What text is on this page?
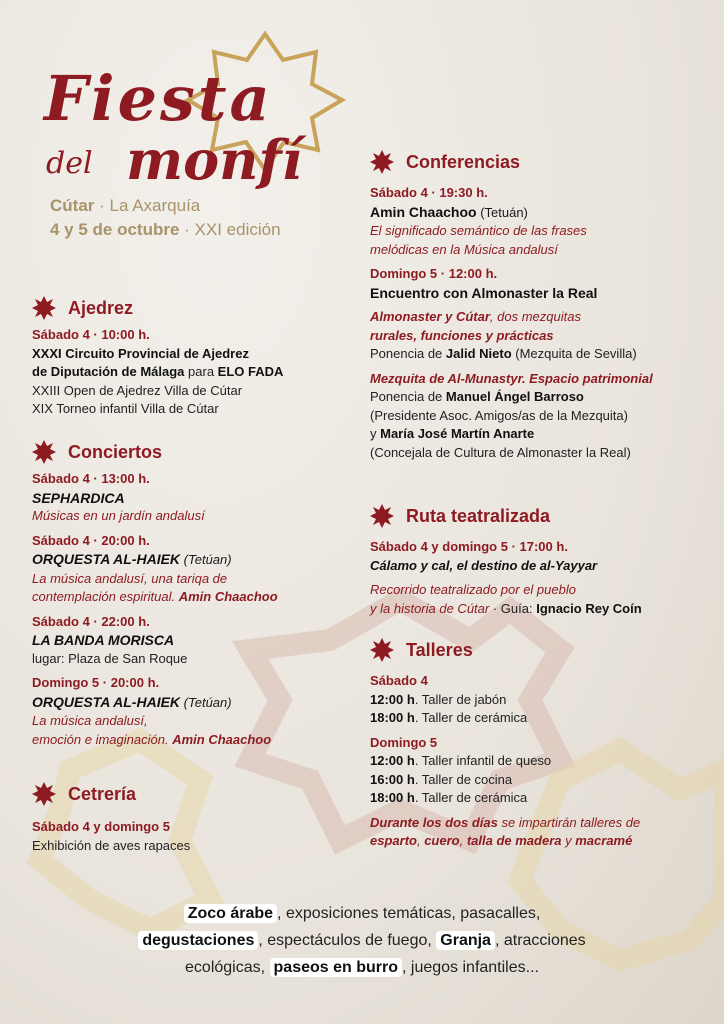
Fiesta
del monfí
Cútar · La Axarquía
4 y 5 de octubre · XXI edición
Ajedrez
Sábado 4 · 10:00 h.
XXXI Circuito Provincial de Ajedrez
de Diputación de Málaga para ELO FADA
XXIII Open de Ajedrez Villa de Cútar
XIX Torneo infantil Villa de Cútar
Conciertos
Sábado 4 · 13:00 h.
SEPHARDICA
Músicas en un jardín andalusí
Sábado 4 · 20:00 h.
ORQUESTA AL-HAIEK (Tetúan)
La música andalusí, una tariqa de
contemplación espiritual. Amin Chaachoo
Sábado 4 · 22:00 h.
LA BANDA MORISCA
lugar: Plaza de San Roque
Domingo 5 · 20:00 h.
ORQUESTA AL-HAIEK (Tetúan)
La música andalusí,
emoción e imaginación. Amin Chaachoo
Cetrería
Sábado 4 y domingo 5
Exhibición de aves rapaces
Conferencias
Sábado 4 · 19:30 h.
Amin Chaachoo (Tetuán)
El significado semántico de las frases
melódicas en la Música andalusí
Domingo 5 · 12:00 h.
Encuentro con Almonaster la Real
Almonaster y Cútar, dos mezquitas
rurales, funciones y prácticas
Ponencia de Jalid Nieto (Mezquita de Sevilla)
Mezquita de Al-Munastyr. Espacio patrimonial
Ponencia de Manuel Ángel Barroso
(Presidente Asoc. Amigos/as de la Mezquita)
y María José Martín Anarte
(Concejala de Cultura de Almonaster la Real)
Ruta teatralizada
Sábado 4 y domingo 5 · 17:00 h.
Cálamo y cal, el destino de al-Yayyar
Recorrido teatralizado por el pueblo
y la historia de Cútar · Guía: Ignacio Rey Coín
Talleres
Sábado 4
12:00 h. Taller de jabón
18:00 h. Taller de cerámica
Domingo 5
12:00 h. Taller infantil de queso
16:00 h. Taller de cocina
18:00 h. Taller de cerámica
Durante los dos días se impartirán talleres de
esparto, cuero, talla de madera y macramé
Zoco árabe , exposiciones temáticas, pasacalles,
degustaciones , espectáculos de fuego, Granja , atracciones
ecológicas, paseos en burro , juegos infantiles...
